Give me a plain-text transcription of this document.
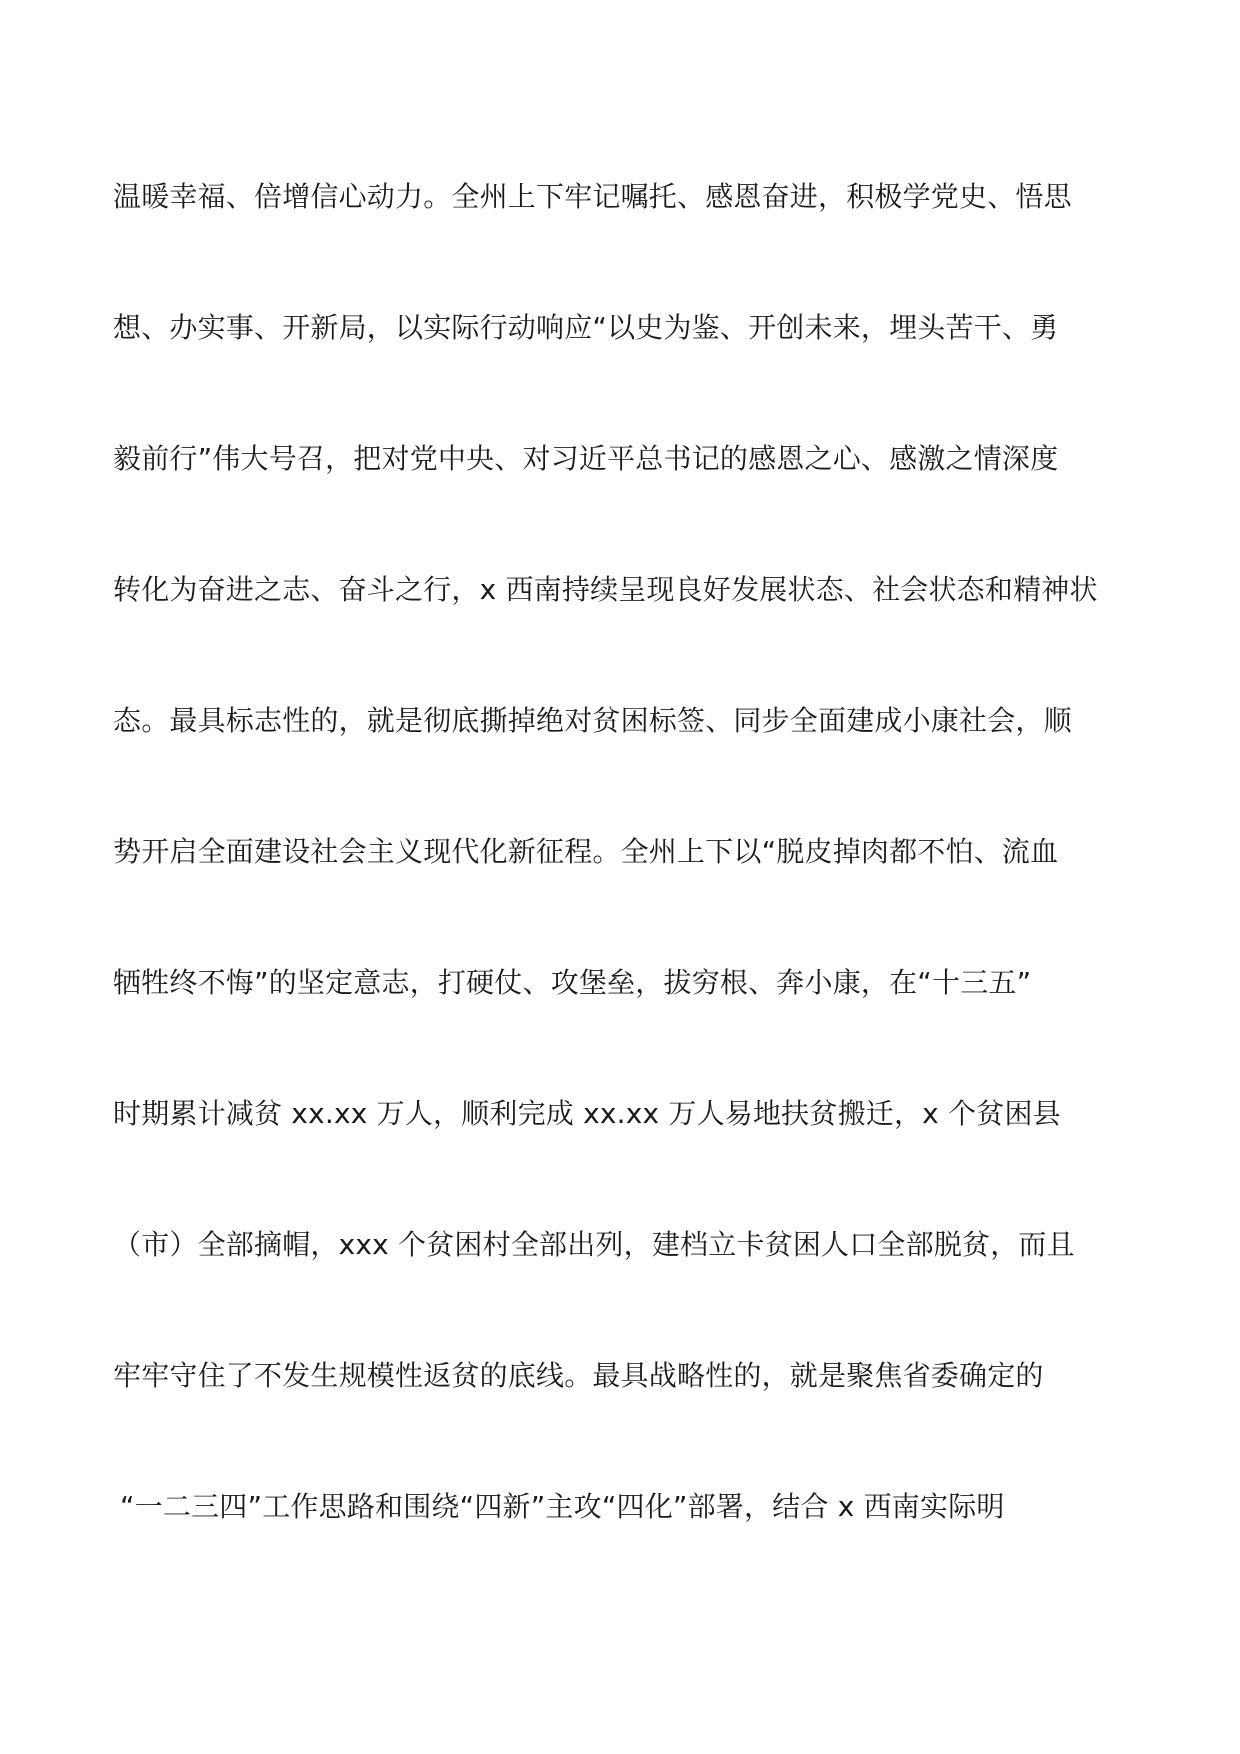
温暖幸福、倍增信心动力。全州上下牢记嘱托、感恩奋进，积极学党史、悟思

想、办实事、开新局，以实际行动响应“以史为鉴、开创未来，埋头苦干、勇

毅前行”伟大号召，把对党中央、对习近平总书记的感恩之心、感激之情深度

转化为奋进之志、奋斗之行，x 西南持续呈现良好发展状态、社会状态和精神状

态。最具标志性的，就是彻底撕掉绝对贫困标签、同步全面建成小康社会，顺

势开启全面建设社会主义现代化新征程。全州上下以“脱皮掉肉都不怕、流血

牺牲终不悔”的坚定意志，打硬仗、攻堡垒，拔穷根、奔小康，在“十三五”

时期累计减贫 xx.xx 万人，顺利完成 xx.xx 万人易地扶贫搬迁，x 个贫困县

（市）全部摘帽，xxx 个贫困村全部出列，建档立卡贫困人口全部脱贫，而且

牢牢守住了不发生规模性返贫的底线。最具战略性的，就是聚焦省委确定的

“一二三四”工作思路和围绕“四新”主攻“四化”部署，结合 x 西南实际明
